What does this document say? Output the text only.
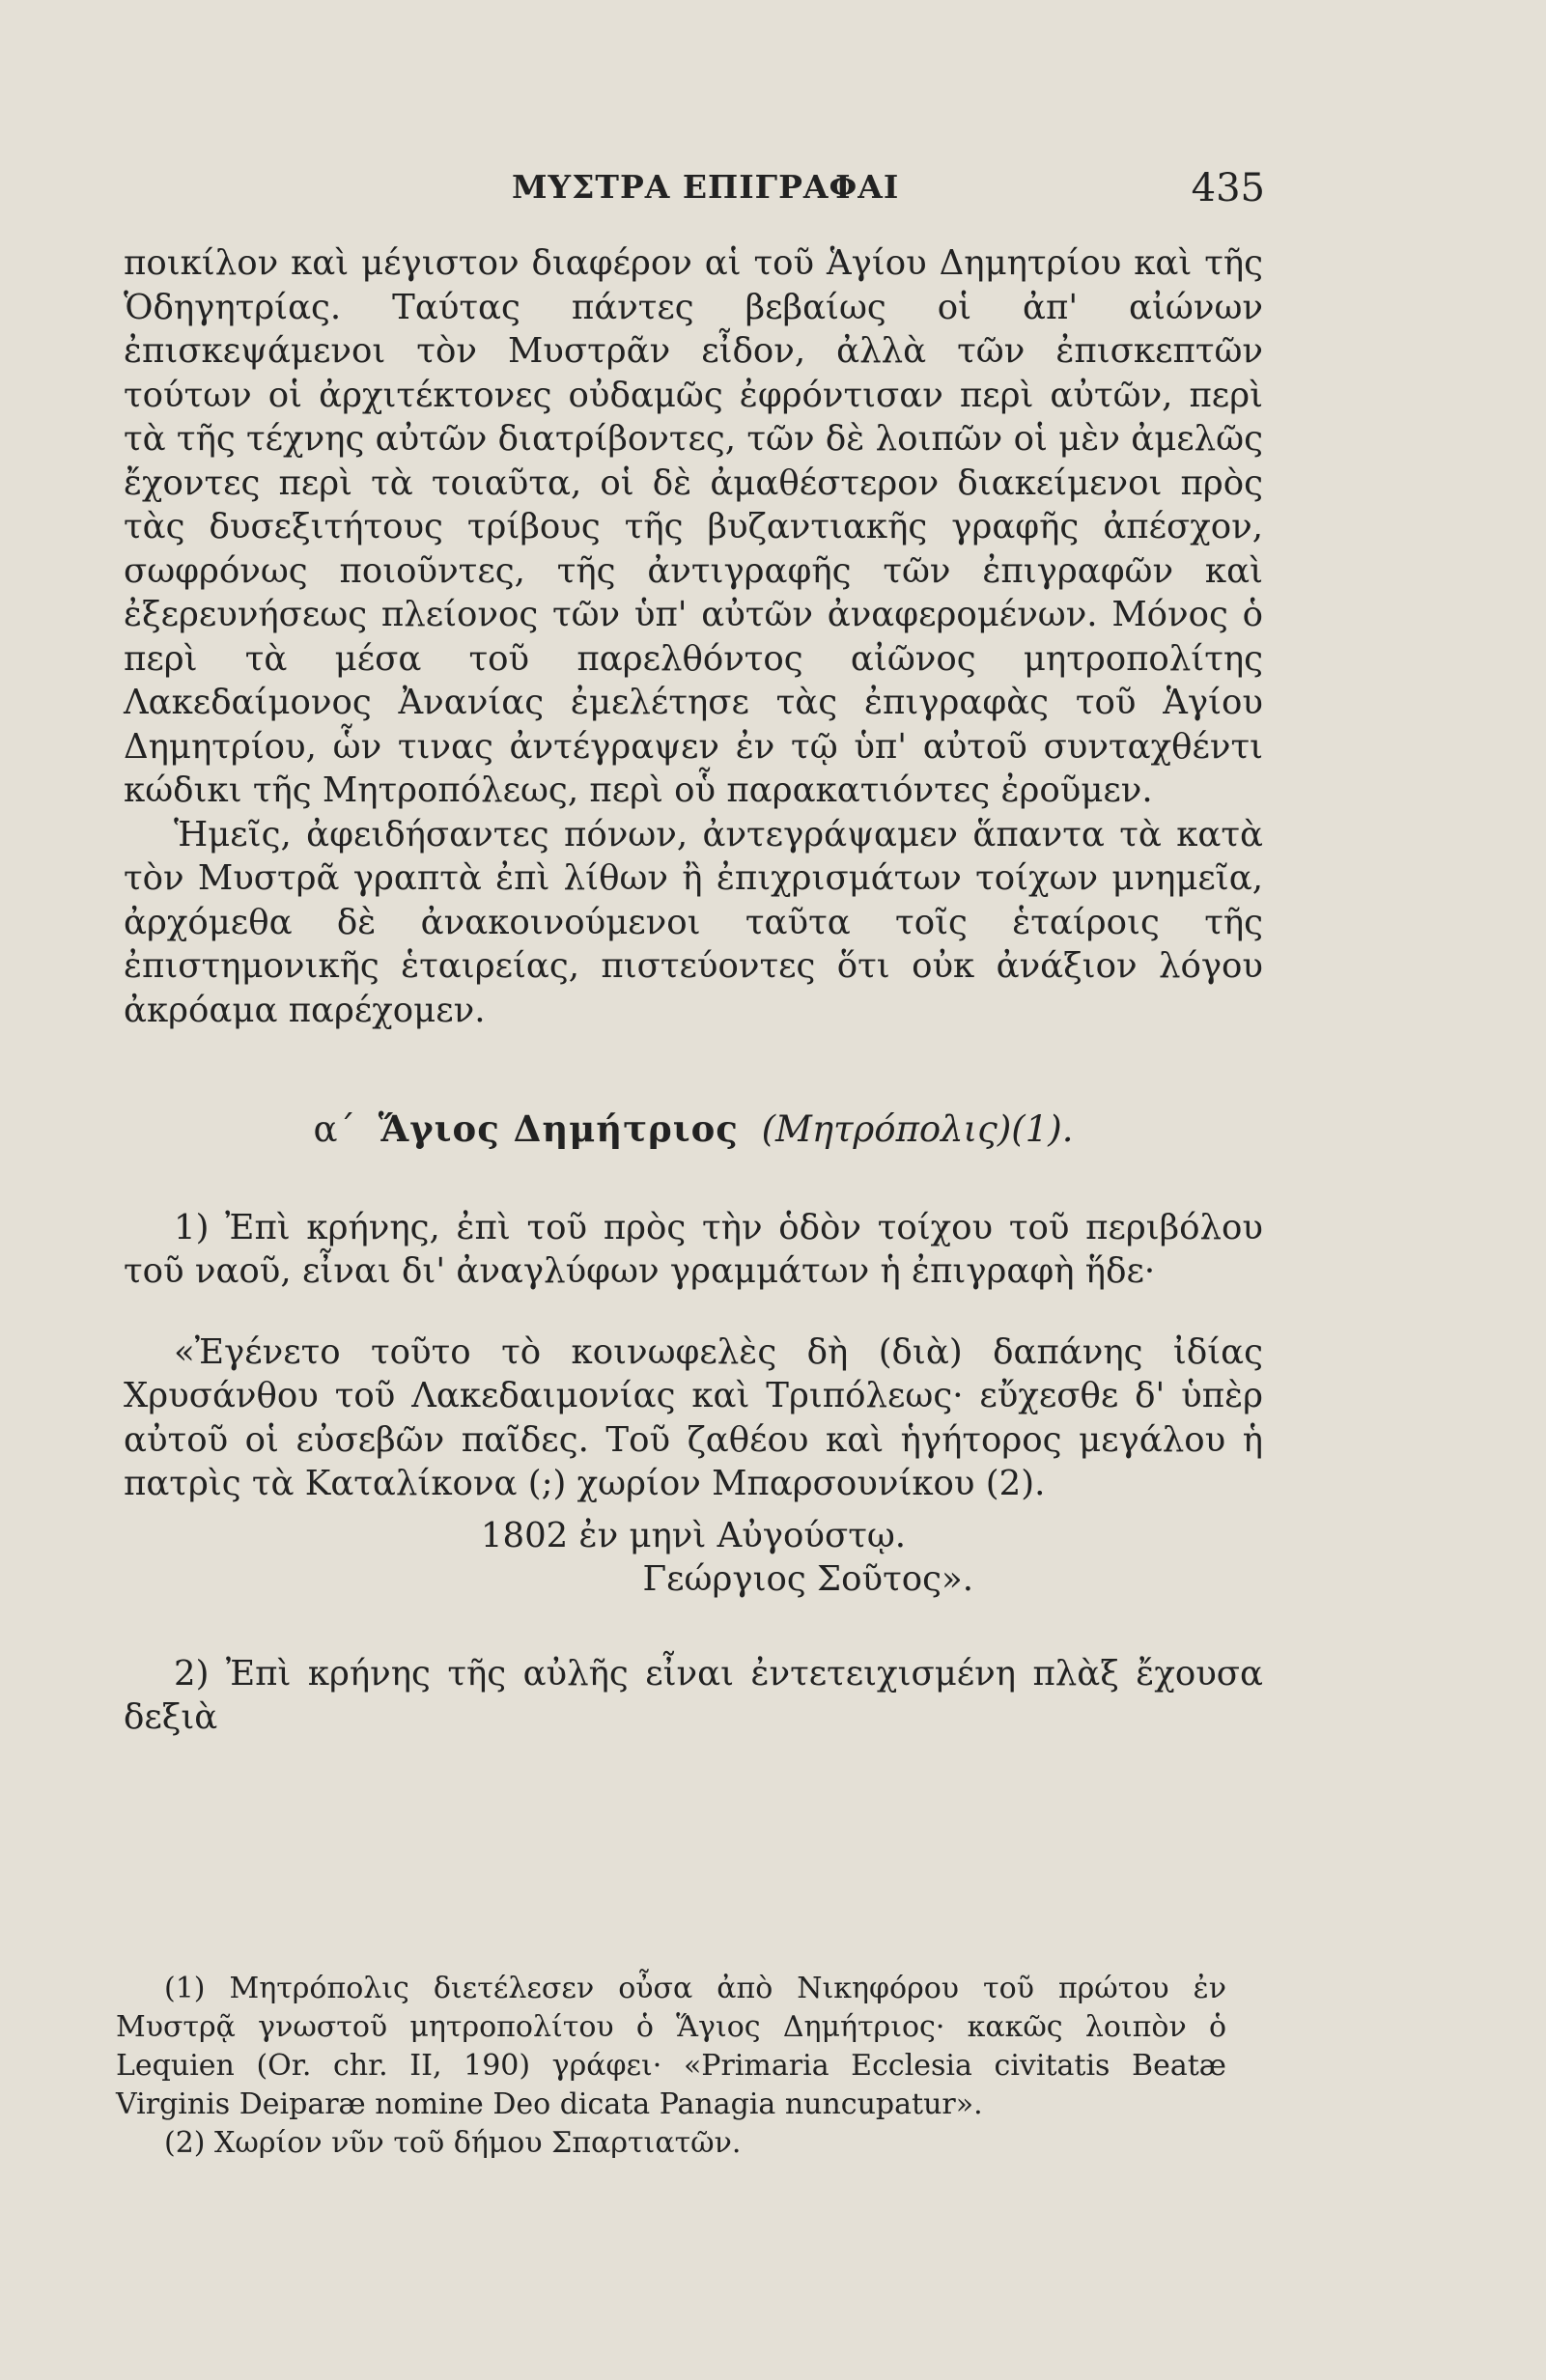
ΜΥΣΤΡΑ ΕΠΙΓΡΑΦΑΙ	435

ποικίλον καὶ μέγιστον διαφέρον αἱ τοῦ Ἁγίου Δημητρίου καὶ τῆς Ὁδηγητρίας. Ταύτας πάντες βεβαίως οἱ ἀπ' αἰώνων ἐπισκεψάμενοι τὸν Μυστρᾶν εἶδον, ἀλλὰ τῶν ἐπισκεπτῶν τούτων οἱ ἀρχιτέκτονες οὐδαμῶς ἐφρόντισαν περὶ αὐτῶν, περὶ τὰ τῆς τέχνης αὐτῶν διατρίβοντες, τῶν δὲ λοιπῶν οἱ μὲν ἀμελῶς ἔχοντες περὶ τὰ τοιαῦτα, οἱ δὲ ἀμαθέστερον διακείμενοι πρὸς τὰς δυσεξιτήτους τρίβους τῆς βυζαντιακῆς γραφῆς ἀπέσχον, σωφρόνως ποιοῦντες, τῆς ἀντιγραφῆς τῶν ἐπιγραφῶν καὶ ἐξερευνήσεως πλείονος τῶν ὑπ' αὐτῶν ἀναφερομένων. Μόνος ὁ περὶ τὰ μέσα τοῦ παρελθόντος αἰῶνος μητροπολίτης Λακεδαίμονος Ἀνανίας ἐμελέτησε τὰς ἐπιγραφὰς τοῦ Ἁγίου Δημητρίου, ὧν τινας ἀντέγραψεν ἐν τῷ ὑπ' αὐτοῦ συνταχθέντι κώδικι τῆς Μητροπόλεως, περὶ οὗ παρακατιόντες ἐροῦμεν.

Ἡμεῖς, ἀφειδήσαντες πόνων, ἀντεγράψαμεν ἅπαντα τὰ κατὰ τὸν Μυστρᾶ γραπτὰ ἐπὶ λίθων ἢ ἐπιχρισμάτων τοίχων μνημεῖα, ἀρχόμεθα δὲ ἀνακοινούμενοι ταῦτα τοῖς ἑταίροις τῆς ἐπιστημονικῆς ἑταιρείας, πιστεύοντες ὅτι οὐκ ἀνάξιον λόγου ἀκρόαμα παρέχομεν.

α´ Ἅγιος Δημήτριος (Μητρόπολις)(1).

1) Ἐπὶ κρήνης, ἐπὶ τοῦ πρὸς τὴν ὁδὸν τοίχου τοῦ περιβόλου τοῦ ναοῦ, εἶναι δι' ἀναγλύφων γραμμάτων ἡ ἐπιγραφὴ ἥδε·

«Ἐγένετο τοῦτο τὸ κοινωφελὲς δὴ (διὰ) δαπάνης ἰδίας Χρυσάνθου τοῦ Λακεδαιμονίας καὶ Τριπόλεως· εὔχεσθε δ' ὑπὲρ αὐτοῦ οἱ εὐσεβῶν παῖδες. Τοῦ ζαθέου καὶ ἡγήτορος μεγάλου ἡ πατρὶς τὰ Καταλίκονα (;) χωρίον Μπαρσουνίκου (2).

1802 ἐν μηνὶ Αὐγούστῳ.

Γεώργιος Σοῦτος».

2) Ἐπὶ κρήνης τῆς αὐλῆς εἶναι ἐντετειχισμένη πλὰξ ἔχουσα δεξιὰ

(1) Μητρόπολις διετέλεσεν οὖσα ἀπὸ Νικηφόρου τοῦ πρώτου ἐν Μυστρᾷ γνωστοῦ μητροπολίτου ὁ Ἅγιος Δημήτριος· κακῶς λοιπὸν ὁ Lequien (Or. chr. II, 190) γράφει· «Primaria Ecclesia civitatis Beatæ Virginis Deiparæ nomine Deo dicata Panagia nuncupatur».

(2) Χωρίον νῦν τοῦ δήμου Σπαρτιατῶν.
